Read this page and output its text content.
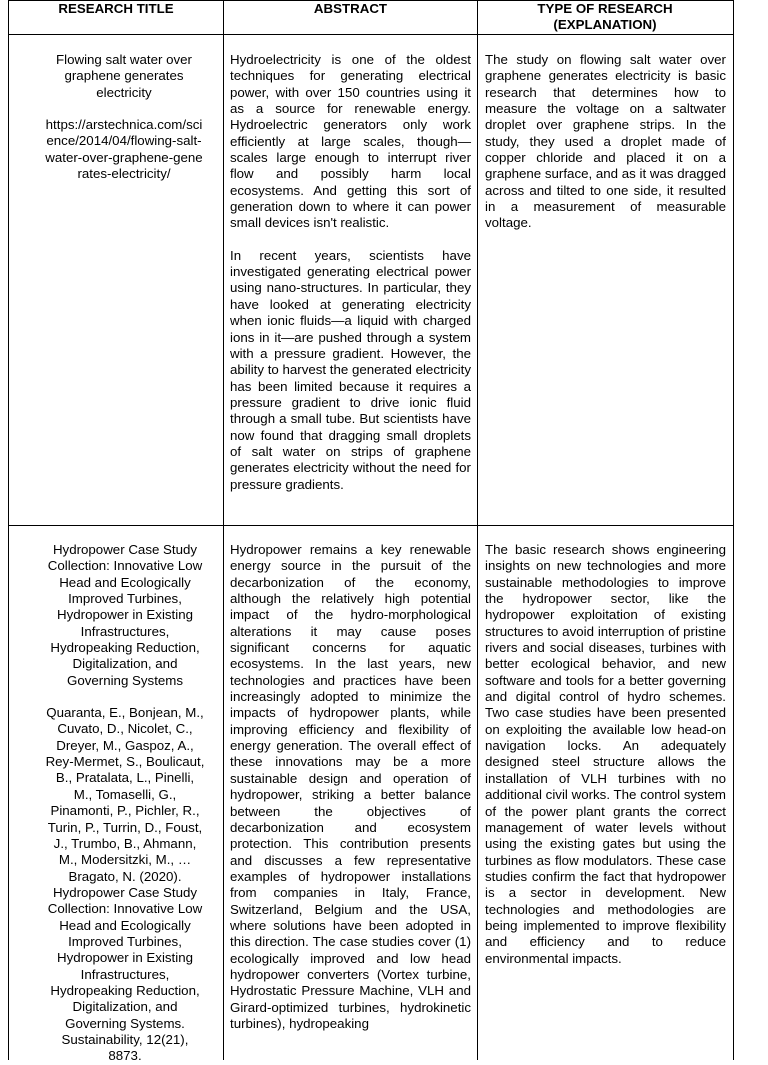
RESEARCH TITLE	ABSTRACT	TYPE OF RESEARCH (EXPLANATION)

Flowing salt water over graphene generates electricity

https://arstechnica.com/science/2014/04/flowing-salt-water-over-graphene-generates-electricity/

Hydroelectricity is one of the oldest techniques for generating electrical power, with over 150 countries using it as a source for renewable energy. Hydroelectric generators only work efficiently at large scales, though—scales large enough to interrupt river flow and possibly harm local ecosystems. And getting this sort of generation down to where it can power small devices isn't realistic.

In recent years, scientists have investigated generating electrical power using nano-structures. In particular, they have looked at generating electricity when ionic fluids—a liquid with charged ions in it—are pushed through a system with a pressure gradient. However, the ability to harvest the generated electricity has been limited because it requires a pressure gradient to drive ionic fluid through a small tube. But scientists have now found that dragging small droplets of salt water on strips of graphene generates electricity without the need for pressure gradients.

The study on flowing salt water over graphene generates electricity is basic research that determines how to measure the voltage on a saltwater droplet over graphene strips. In the study, they used a droplet made of copper chloride and placed it on a graphene surface, and as it was dragged across and tilted to one side, it resulted in a measurement of measurable voltage.

Hydropower Case Study Collection: Innovative Low Head and Ecologically Improved Turbines, Hydropower in Existing Infrastructures, Hydropeaking Reduction, Digitalization, and Governing Systems

Quaranta, E., Bonjean, M., Cuvato, D., Nicolet, C., Dreyer, M., Gaspoz, A., Rey-Mermet, S., Boulicaut, B., Pratalata, L., Pinelli, M., Tomaselli, G., Pinamonti, P., Pichler, R., Turin, P., Turrin, D., Foust, J., Trumbo, B., Ahmann, M., Modersitzki, M., … Bragato, N. (2020). Hydropower Case Study Collection: Innovative Low Head and Ecologically Improved Turbines, Hydropower in Existing Infrastructures, Hydropeaking Reduction, Digitalization, and Governing Systems. Sustainability, 12(21), 8873.

Hydropower remains a key renewable energy source in the pursuit of the decarbonization of the economy, although the relatively high potential impact of the hydro-morphological alterations it may cause poses significant concerns for aquatic ecosystems. In the last years, new technologies and practices have been increasingly adopted to minimize the impacts of hydropower plants, while improving efficiency and flexibility of energy generation. The overall effect of these innovations may be a more sustainable design and operation of hydropower, striking a better balance between the objectives of decarbonization and ecosystem protection. This contribution presents and discusses a few representative examples of hydropower installations from companies in Italy, France, Switzerland, Belgium and the USA, where solutions have been adopted in this direction. The case studies cover (1) ecologically improved and low head hydropower converters (Vortex turbine, Hydrostatic Pressure Machine, VLH and Girard-optimized turbines, hydrokinetic turbines), hydropeaking

The basic research shows engineering insights on new technologies and more sustainable methodologies to improve the hydropower sector, like the hydropower exploitation of existing structures to avoid interruption of pristine rivers and social diseases, turbines with better ecological behavior, and new software and tools for a better governing and digital control of hydro schemes. Two case studies have been presented on exploiting the available low head-on navigation locks. An adequately designed steel structure allows the installation of VLH turbines with no additional civil works. The control system of the power plant grants the correct management of water levels without using the existing gates but using the turbines as flow modulators. These case studies confirm the fact that hydropower is a sector in development. New technologies and methodologies are being implemented to improve flexibility and efficiency and to reduce environmental impacts.
